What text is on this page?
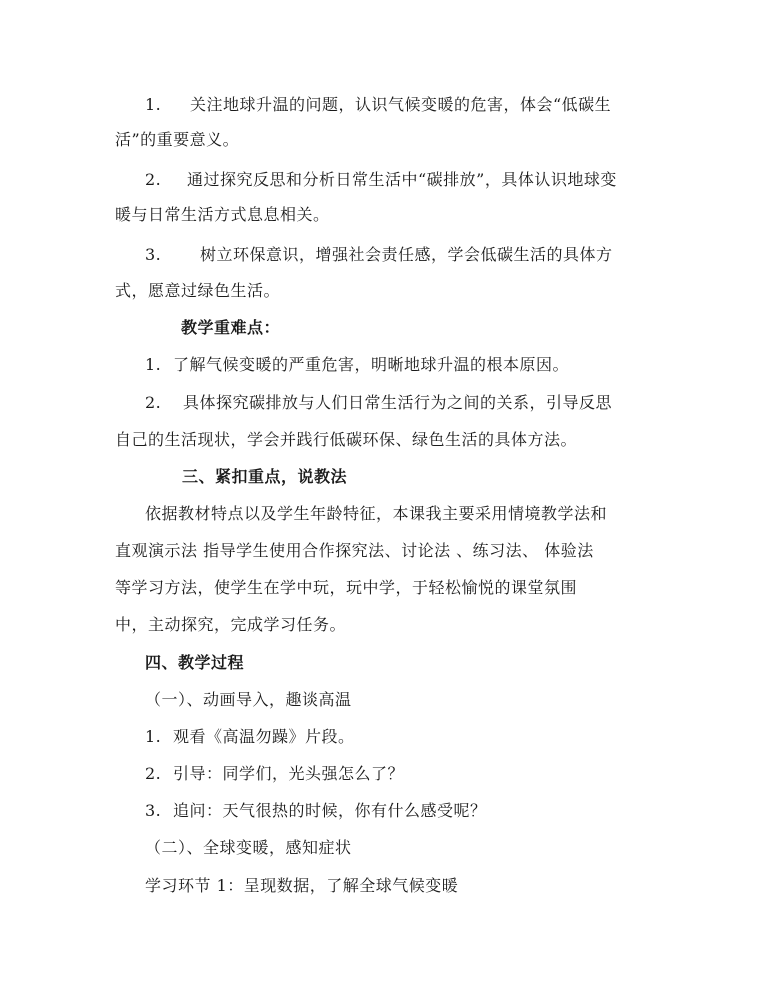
1. 关注地球升温的问题，认识气候变暖的危害，体会“低碳生
活”的重要意义。
2. 通过探究反思和分析日常生活中“碳排放”，具体认识地球变
暖与日常生活方式息息相关。
3. 树立环保意识，增强社会责任感，学会低碳生活的具体方
式，愿意过绿色生活。
教学重难点：
1. 了解气候变暖的严重危害，明晰地球升温的根本原因。
2. 具体探究碳排放与人们日常生活行为之间的关系，引导反思
自己的生活现状，学会并践行低碳环保、绿色生活的具体方法。
三、紧扣重点，说教法
依据教材特点以及学生年龄特征，本课我主要采用情境教学法和
直观演示法 指导学生使用合作探究法、讨论法 、练习法、 体验法
等学习方法，使学生在学中玩，玩中学，于轻松愉悦的课堂氛围
中，主动探究，完成学习任务。
四、教学过程
（一）、动画导入，趣谈高温
1. 观看《高温勿躁》片段。
2. 引导：同学们，光头强怎么了？
3. 追问：天气很热的时候，你有什么感受呢？
（二）、全球变暖，感知症状
学习环节 1：呈现数据，了解全球气候变暖
